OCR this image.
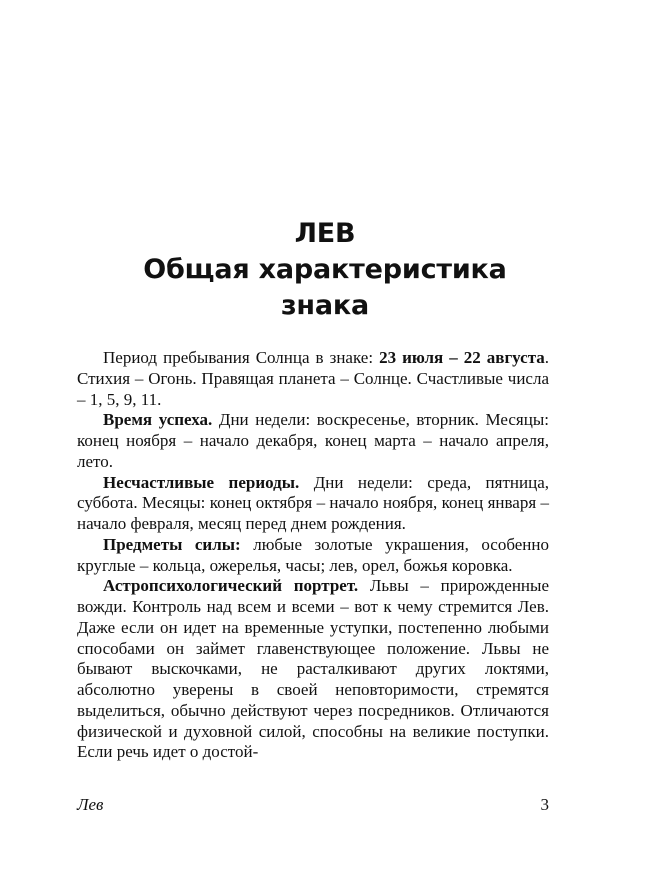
ЛЕВ
Общая характеристика
знака

Период пребывания Солнца в знаке: 23 июля – 22 августа. Стихия – Огонь. Правящая планета – Солнце. Счастливые числа – 1, 5, 9, 11.

Время успеха. Дни недели: воскресенье, вторник. Месяцы: конец ноября – начало декабря, конец марта – начало апреля, лето.

Несчастливые периоды. Дни недели: среда, пятница, суббота. Месяцы: конец октября – начало ноября, конец января – начало февраля, месяц перед днем рождения.

Предметы силы: любые золотые украшения, особенно круглые – кольца, ожерелья, часы; лев, орел, божья коровка.

Астропсихологический портрет. Львы – прирожденные вожди. Контроль над всем и всеми – вот к чему стремится Лев. Даже если он идет на временные уступки, постепенно любыми способами он займет главенствующее положение. Львы не бывают выскочками, не расталкивают других локтями, абсолютно уверены в своей неповторимости, стремятся выделиться, обычно действуют через посредников. Отличаются физической и духовной силой, способны на великие поступки. Если речь идет о достой-

Лев	3
